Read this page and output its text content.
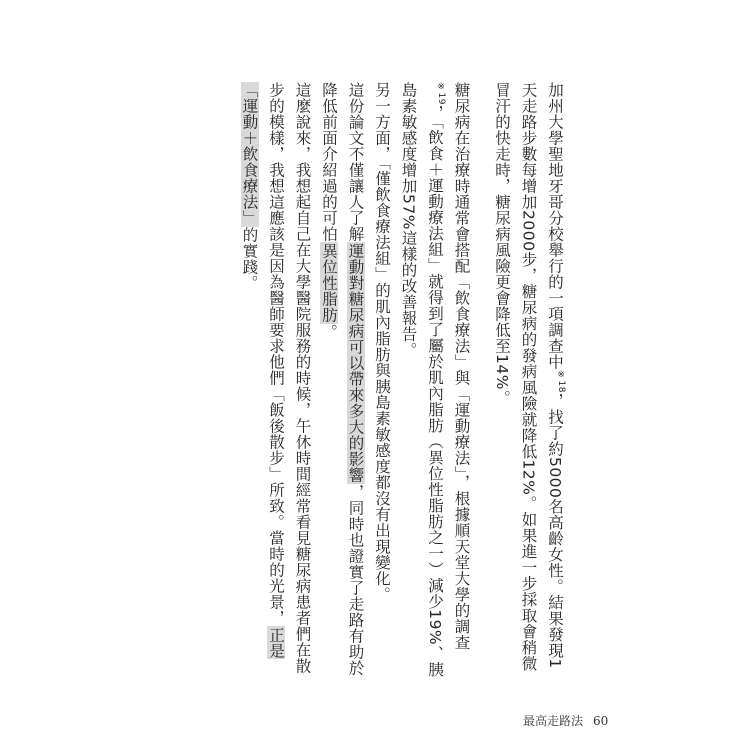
加州大學聖地牙哥分校舉行的一項調查中$^{※18}$，找了約5000名高齡女性。結果發現1天走路步數每增加2000步，糖尿病的發病風險就降低12%。如果進一步採取會稍微冒汗的快走時，糖尿病風險更會降低至14%。

糖尿病在治療時通常會搭配「飲食療法」與「運動療法」，根據順天堂大學的調查$^{※19}$，「飲食＋運動療法組」就得到了屬於肌內脂肪（異位性脂肪之一）減少19%、胰島素敏感度增加57%這樣的改善報告。

另一方面，「僅飲食療法組」的肌內脂肪與胰島素敏感度都沒有出現變化。

這份論文不僅讓人了解運動對糖尿病可以帶來多大的影響，同時也證實了走路有助於降低前面介紹過的可怕異位性脂肪。

這麼說來，我想起自己在大學醫院服務的時候，午休時間經常看見糖尿病患者們在散步的模樣，我想這應該是因為醫師要求他們「飯後散步」所致。當時的光景，正是「運動＋飲食療法」的實踐。

最高走路法 60
